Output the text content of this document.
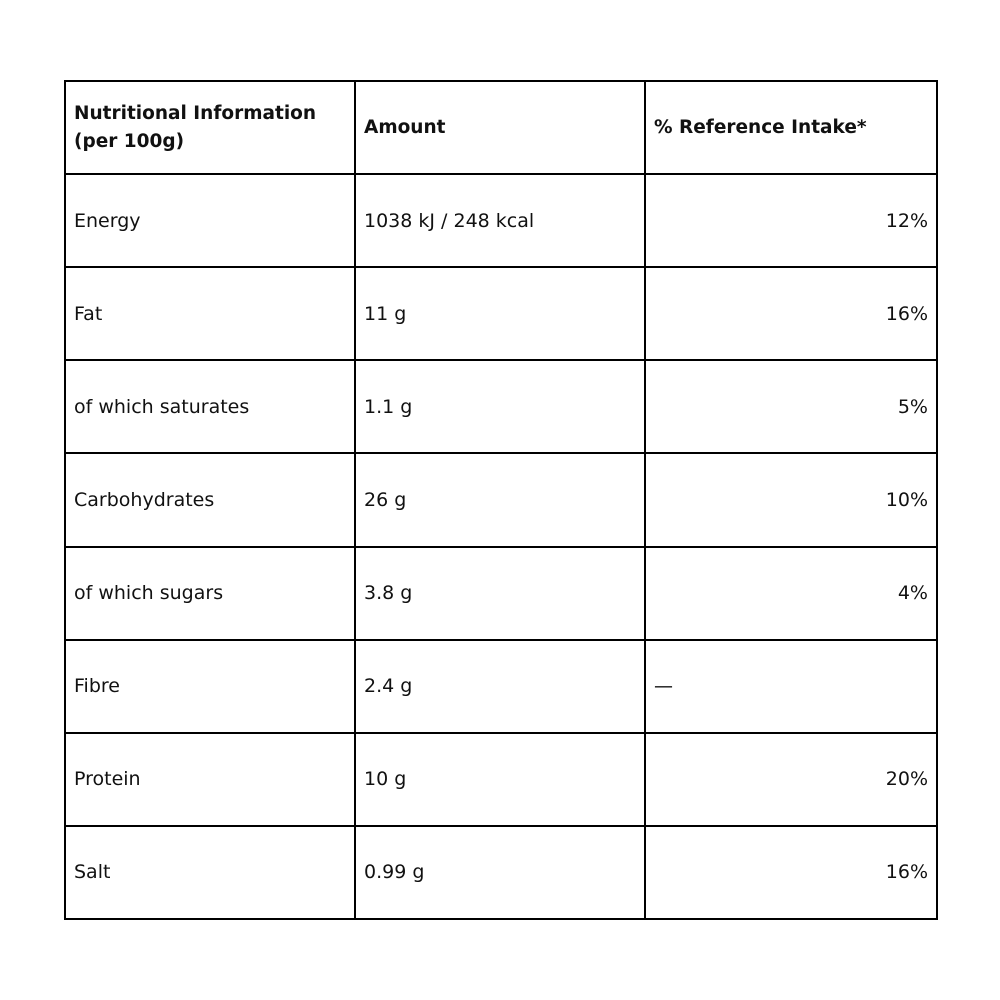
Nutritional Information
(per 100g)	Amount	% Reference Intake*
Energy	1038 kJ / 248 kcal	12%
Fat	11 g	16%
of which saturates	1.1 g	5%
Carbohydrates	26 g	10%
of which sugars	3.8 g	4%
Fibre	2.4 g	—
Protein	10 g	20%
Salt	0.99 g	16%
